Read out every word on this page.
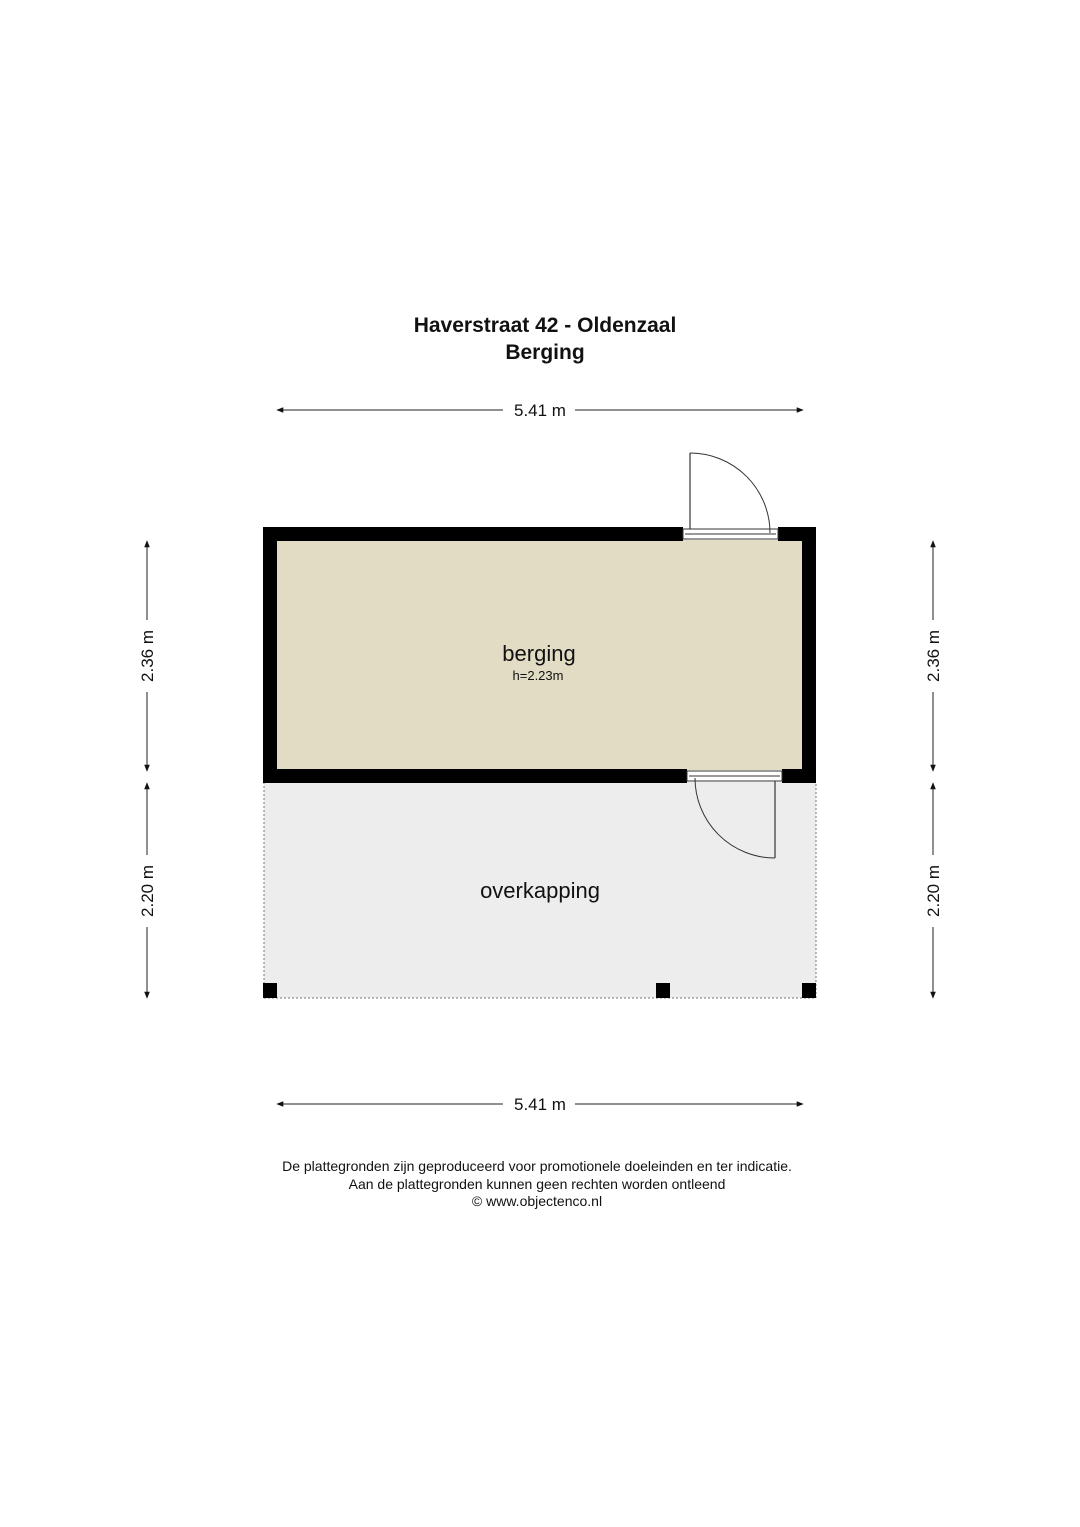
Haverstraat 42 - Oldenzaal
Berging
berging
h=2.23m
overkapping
5.41 m
5.41 m
2.36 m
2.20 m
2.36 m
2.20 m
De plattegronden zijn geproduceerd voor promotionele doeleinden en ter indicatie.
Aan de plattegronden kunnen geen rechten worden ontleend
© www.objectenco.nl
